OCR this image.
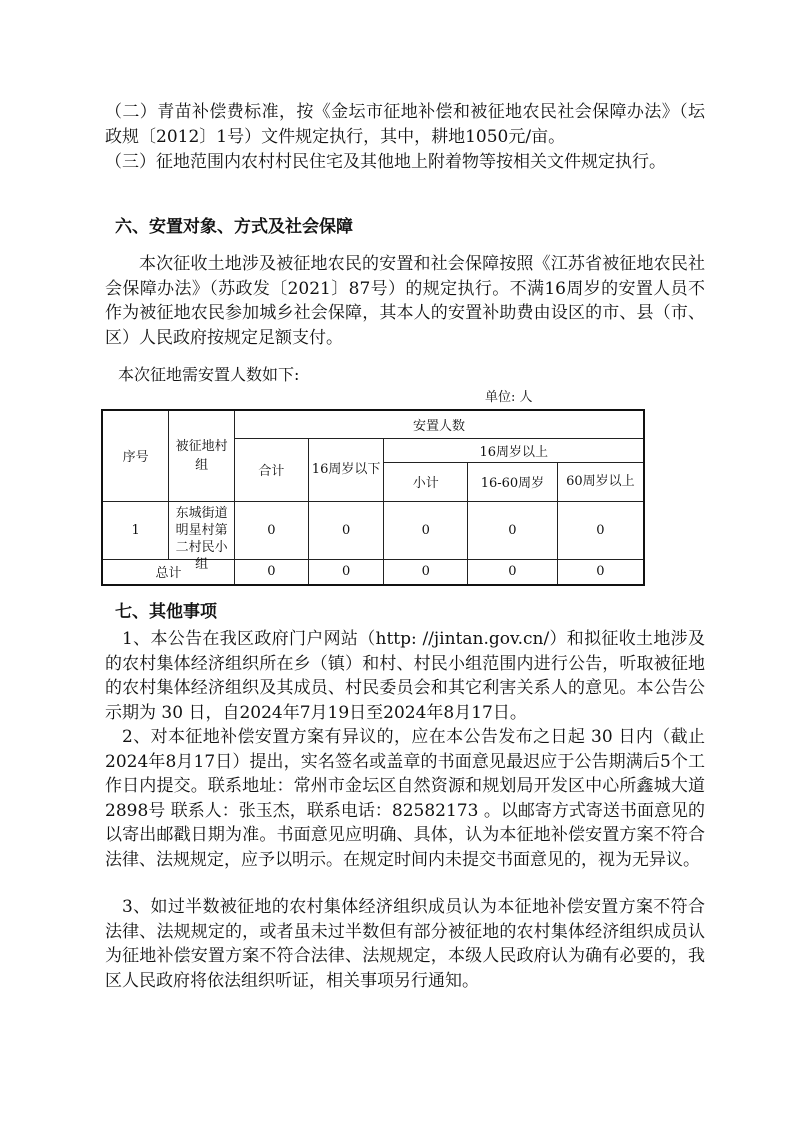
（二）青苗补偿费标准，按《金坛市征地补偿和被征地农民社会保障办法》（坛政规〔2012〕1号）文件规定执行，其中，耕地1050元/亩。

（三）征地范围内农村村民住宅及其他地上附着物等按相关文件规定执行。

六、安置对象、方式及社会保障

本次征收土地涉及被征地农民的安置和社会保障按照《江苏省被征地农民社会保障办法》（苏政发〔2021〕87号）的规定执行。不满16周岁的安置人员不作为被征地农民参加城乡社会保障，其本人的安置补助费由设区的市、县（市、区）人民政府按规定足额支付。

本次征地需安置人数如下:

单位: 人

序号	被征地村组	安置人数				
		合计	16周岁以下	16周岁以上		
				小计	16-60周岁	60周岁以上
1	东城街道明星村第二村民小组	0	0	0	0	0
总计		0	0	0	0	0

七、其他事项

1、本公告在我区政府门户网站（http: //jintan.gov.cn/）和拟征收土地涉及的农村集体经济组织所在乡（镇）和村、村民小组范围内进行公告，听取被征地的农村集体经济组织及其成员、村民委员会和其它利害关系人的意见。本公告公示期为 30 日，自2024年7月19日至2024年8月17日。

2、对本征地补偿安置方案有异议的，应在本公告发布之日起 30 日内（截止2024年8月17日）提出，实名签名或盖章的书面意见最迟应于公告期满后5个工作日内提交。联系地址：常州市金坛区自然资源和规划局开发区中心所鑫城大道2898号 联系人：张玉杰，联系电话：82582173 。以邮寄方式寄送书面意见的以寄出邮戳日期为准。书面意见应明确、具体，认为本征地补偿安置方案不符合法律、法规规定，应予以明示。在规定时间内未提交书面意见的，视为无异议。

3、如过半数被征地的农村集体经济组织成员认为本征地补偿安置方案不符合法律、法规规定的，或者虽未过半数但有部分被征地的农村集体经济组织成员认为征地补偿安置方案不符合法律、法规规定，本级人民政府认为确有必要的，我区人民政府将依法组织听证，相关事项另行通知。
